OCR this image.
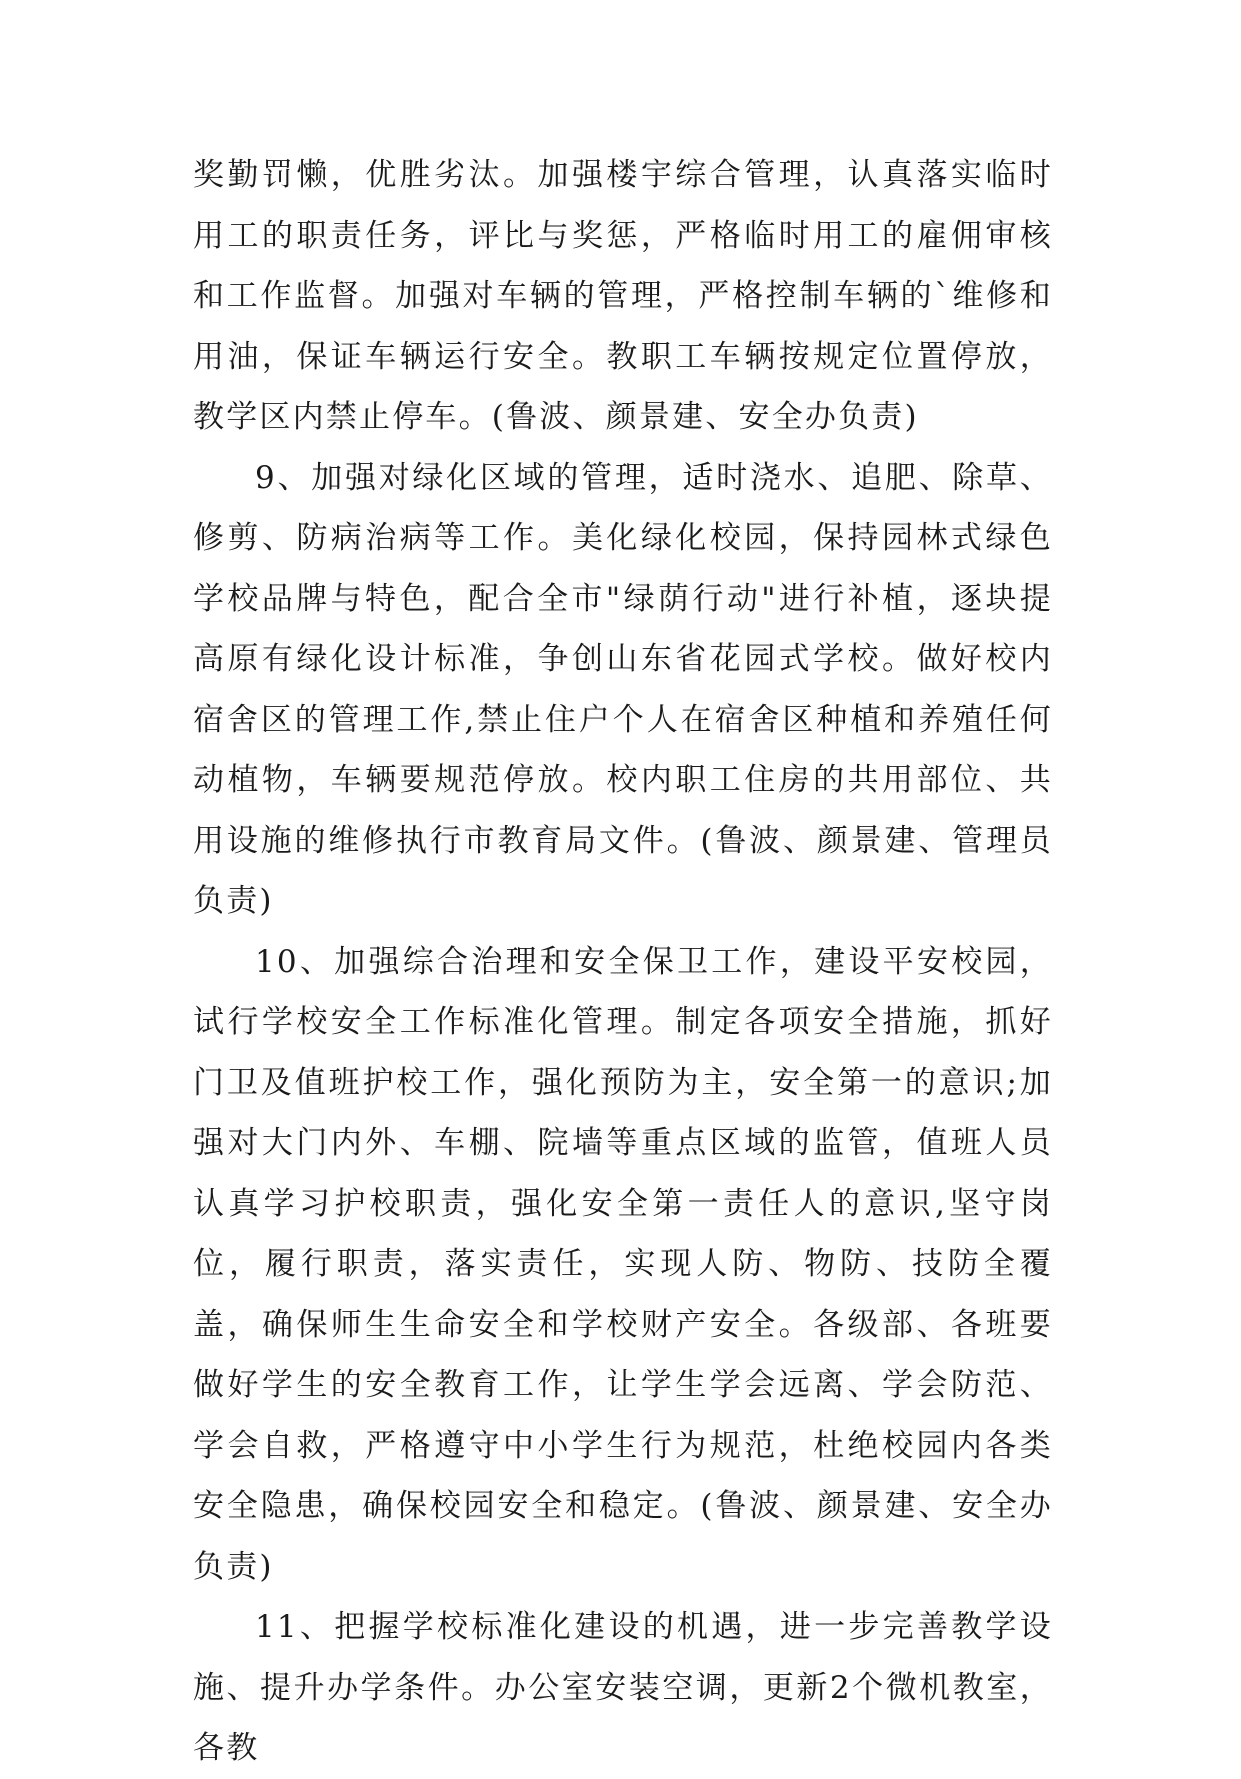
奖勤罚懒，优胜劣汰。加强楼宇综合管理，认真落实临时用工的职责任务，评比与奖惩，严格临时用工的雇佣审核和工作监督。加强对车辆的管理，严格控制车辆的`维修和用油，保证车辆运行安全。教职工车辆按规定位置停放，教学区内禁止停车。(鲁波、颜景建、安全办负责)

9、加强对绿化区域的管理，适时浇水、追肥、除草、修剪、防病治病等工作。美化绿化校园，保持园林式绿色学校品牌与特色，配合全市"绿荫行动"进行补植，逐块提高原有绿化设计标准，争创山东省花园式学校。做好校内宿舍区的管理工作,禁止住户个人在宿舍区种植和养殖任何动植物，车辆要规范停放。校内职工住房的共用部位、共用设施的维修执行市教育局文件。(鲁波、颜景建、管理员负责)

10、加强综合治理和安全保卫工作，建设平安校园，试行学校安全工作标准化管理。制定各项安全措施，抓好门卫及值班护校工作，强化预防为主，安全第一的意识;加强对大门内外、车棚、院墙等重点区域的监管，值班人员认真学习护校职责，强化安全第一责任人的意识,坚守岗位，履行职责，落实责任，实现人防、物防、技防全覆盖，确保师生生命安全和学校财产安全。各级部、各班要做好学生的安全教育工作，让学生学会远离、学会防范、学会自救，严格遵守中小学生行为规范，杜绝校园内各类安全隐患，确保校园安全和稳定。(鲁波、颜景建、安全办负责)

11、把握学校标准化建设的机遇，进一步完善教学设施、提升办学条件。办公室安装空调，更新2个微机教室，各教
